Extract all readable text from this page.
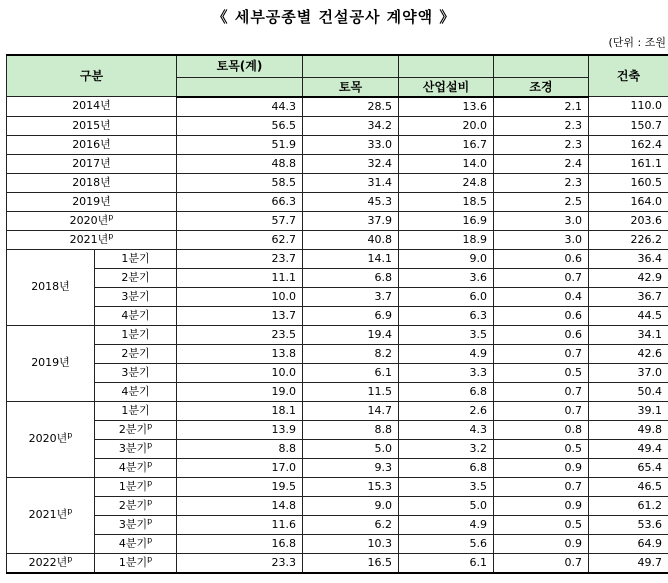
《 세부공종별 건설공사 계약액 》
(단위 : 조원
구분		토목(계)				건축
			토목	산업설비	조경	
2014년		44.3	28.5	13.6	2.1	110.0
2015년		56.5	34.2	20.0	2.3	150.7
2016년		51.9	33.0	16.7	2.3	162.4
2017년		48.8	32.4	14.0	2.4	161.1
2018년		58.5	31.4	24.8	2.3	160.5
2019년		66.3	45.3	18.5	2.5	164.0
2020년$^p$		57.7	37.9	16.9	3.0	203.6
2021년$^p$		62.7	40.8	18.9	3.0	226.2
2018년	1분기	23.7	14.1	9.0	0.6	36.4
	2분기	11.1	6.8	3.6	0.7	42.9
	3분기	10.0	3.7	6.0	0.4	36.7
	4분기	13.7	6.9	6.3	0.6	44.5
2019년	1분기	23.5	19.4	3.5	0.6	34.1
	2분기	13.8	8.2	4.9	0.7	42.6
	3분기	10.0	6.1	3.3	0.5	37.0
	4분기	19.0	11.5	6.8	0.7	50.4
2020년$^p$	1분기	18.1	14.7	2.6	0.7	39.1
	2분기$^p$	13.9	8.8	4.3	0.8	49.8
	3분기$^p$	8.8	5.0	3.2	0.5	49.4
	4분기$^p$	17.0	9.3	6.8	0.9	65.4
2021년$^p$	1분기$^p$	19.5	15.3	3.5	0.7	46.5
	2분기$^p$	14.8	9.0	5.0	0.9	61.2
	3분기$^p$	11.6	6.2	4.9	0.5	53.6
	4분기$^p$	16.8	10.3	5.6	0.9	64.9
2022년$^p$	1분기$^p$	23.3	16.5	6.1	0.7	49.7
